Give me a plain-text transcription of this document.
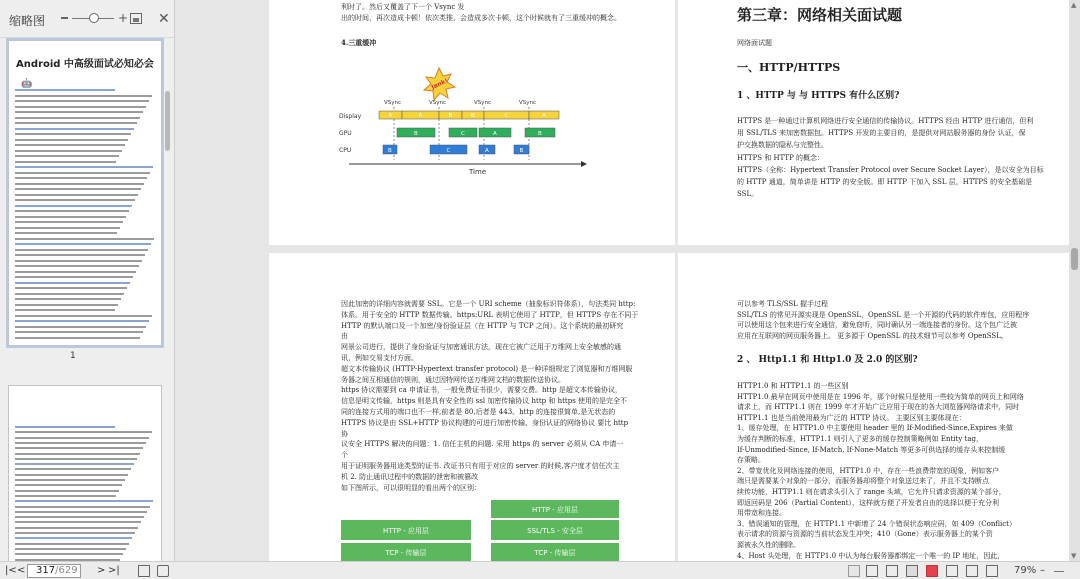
缩略图	+ ✕
Android 中高级面试必知必会
🤖
1
利时了。然后又覆盖了下一个 Vsync 发
出的时间，再次造成卡顿！依次类推，会造成多次卡顿，这个时候就有了三重缓冲的概念。
4.三重缓冲
Jank!
VSync	VSync	VSync	VSync
Display
GPU
CPU
A	A	B	B	C	A
B	C	A	B
B	C	A	B
Time
第三章：网络相关面试题
网络面试题
一、HTTP/HTTPS
1 、HTTP 与 与 HTTPS 有什么区别?
HTTPS 是一种通过计算机网络进行安全通信的传输协议。HTTPS 经由 HTTP 进行通信，但利
用 SSL/TLS 来加密数据包。HTTPS 开发的主要目的，是提供对网站服务器的身份 认证，保
护交换数据的隐私与完整性。
HTTPS 和 HTTP 的概念：
HTTPS（全称：Hypertext Transfer Protocol over Secure Socket Layer），是以安全为目标
的 HTTP 通道，简单讲是 HTTP 的安全版。即 HTTP 下加入 SSL 层，HTTPS 的安全基础是
SSL。
因此加密的详细内容就需要 SSL。它是一个 URI scheme（抽象标识符体系），句法类同 http:
体系。用于安全的 HTTP 数据传输。https:URL 表明它使用了 HTTP，但 HTTPS 存在不同于
HTTP 的默认端口及一个加密/身份验证层（在 HTTP 与 TCP 之间）。这个系统的最初研究
由
网景公司进行，提供了身份验证与加密通讯方法，现在它被广泛用于万维网上安全敏感的通
讯，例如交易支付方面。
超文本传输协议 (HTTP-Hypertext transfer protocol) 是一种详细规定了浏览器和万维网服
务器之间互相通信的规则，通过因特网传送万维网文档的数据传送协议。
https 协议需要到 ca 申请证书，一般免费证书很少，需要交费。http 是超文本传输协议，
信息是明文传输，https 则是具有安全性的 ssl 加密传输协议 http 和 https 使用的是完全不
同的连接方式用的端口也不一样,前者是 80,后者是 443。http 的连接很简单,是无状态的
HTTPS 协议是由 SSL+HTTP 协议构建的可进行加密传输、身份认证的网络协议 要比 http
协
议安全 HTTPS 解决的问题：1. 信任主机的问题. 采用 https 的 server 必须从 CA 申请一
个
用于证明服务器用途类型的证书. 改证书只有用于对应的 server 的时候,客户度才信任次主
机 2. 防止通讯过程中的数据的泄密和被篡改
如下图所示，可以很明显的看出两个的区别：
HTTP - 应用层
HTTP - 应用层	SSL/TLS - 安全层
TCP - 传输层	TCP - 传输层
可以参考 TLS/SSL 握手过程
SSL/TLS 的常见开源实现是 OpenSSL，OpenSSL 是一个开源的代码的软件库包，应用程序
可以使用这个包来进行安全通信，避免窃听，同时确认另一端连接者的身份。这个包广泛被
应用在互联网的网页服务器上。 更多源于 OpenSSL 的技术细节可以参考 OpenSSL。
2 、 Http1.1 和 Http1.0 及 2.0 的区别?
HTTP1.0 和 HTTP1.1 的一些区别
HTTP1.0 最早在网页中使用是在 1996 年，那个时候只是使用一些较为简单的网页上和网络
请求上，而 HTTP1.1 则在 1999 年才开始广泛应用于现在的各大浏览器网络请求中，同时
HTTP1.1 也是当前使用最为广泛的 HTTP 协议。 主要区别主要体现在：
1、缓存处理，在 HTTP1.0 中主要使用 header 里的 If-Modified-Since,Expires 来做
为缓存判断的标准，HTTP1.1 则引入了更多的缓存控制策略例如 Entity tag，
If-Unmodified-Since, If-Match, If-None-Match 等更多可供选择的缓存头来控制缓
存策略。
2、带宽优化及网络连接的使用，HTTP1.0 中，存在一些浪费带宽的现象，例如客户
端只是需要某个对象的一部分，而服务器却将整个对象送过来了，并且不支持断点
续传功能，HTTP1.1 则在请求头引入了 range 头域，它允许只请求资源的某个部分，
即返回码是 206（Partial Content），这样就方便了开发者自由的选择以便于充分利
用带宽和连接。
3、错误通知的管理，在 HTTP1.1 中新增了 24 个错误状态响应码，如 409（Conflict）
表示请求的资源与资源的当前状态发生冲突；410（Gone）表示服务器上的某个资
源被永久性的删除。
4、Host 头处理，在 HTTP1.0 中认为每台服务器都绑定一个唯一的 IP 地址，因此，
▲
▼
|< <	317/629	> >|	79% –
